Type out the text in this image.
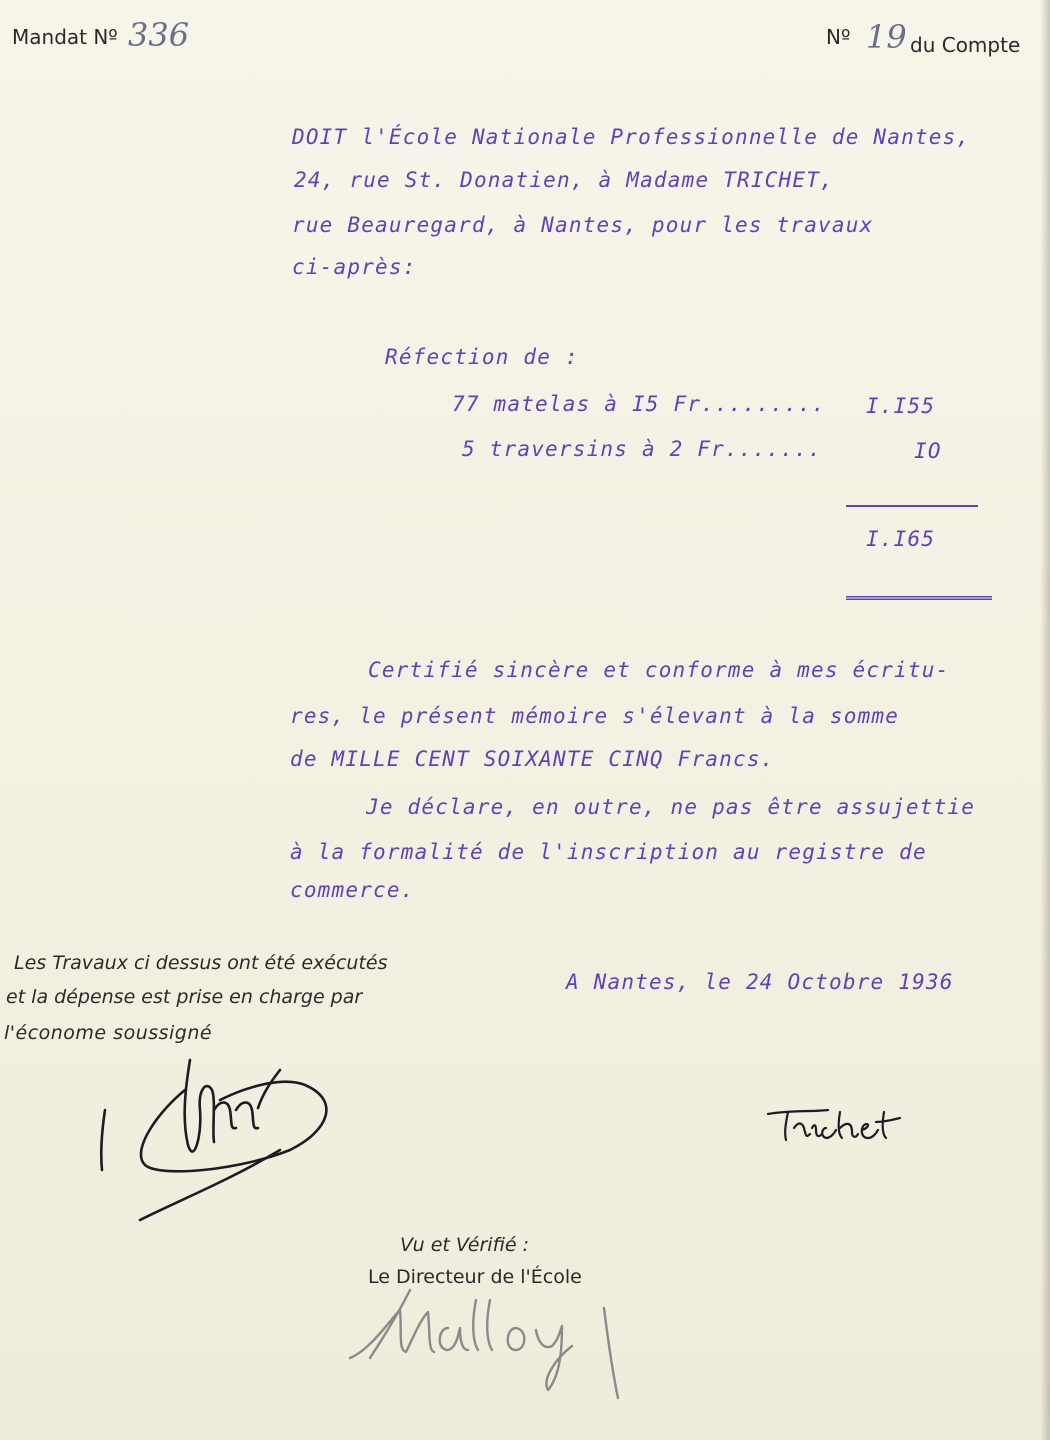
Mandat Nº 336	Nº 19 du Compte
DOIT l'École Nationale Professionnelle de Nantes,
24, rue St. Donatien, à Madame TRICHET,
rue Beauregard, à Nantes, pour les travaux
ci-après:
Réfection de :
77 matelas à I5 Fr......... I.I55
5 traversins à 2 Fr.......	IO
I.I65
Certifié sincère et conforme à mes écritu-
res, le présent mémoire s'élevant à la somme
de MILLE CENT SOIXANTE CINQ Francs.
Je déclare, en outre, ne pas être assujettie
à la formalité de l'inscription au registre de
commerce.
A Nantes, le 24 Octobre 1936
Les Travaux ci dessus ont été exécutés
et la dépense est prise en charge par
l'économe soussigné
Vu et Vérifié :
Le Directeur de l'École
